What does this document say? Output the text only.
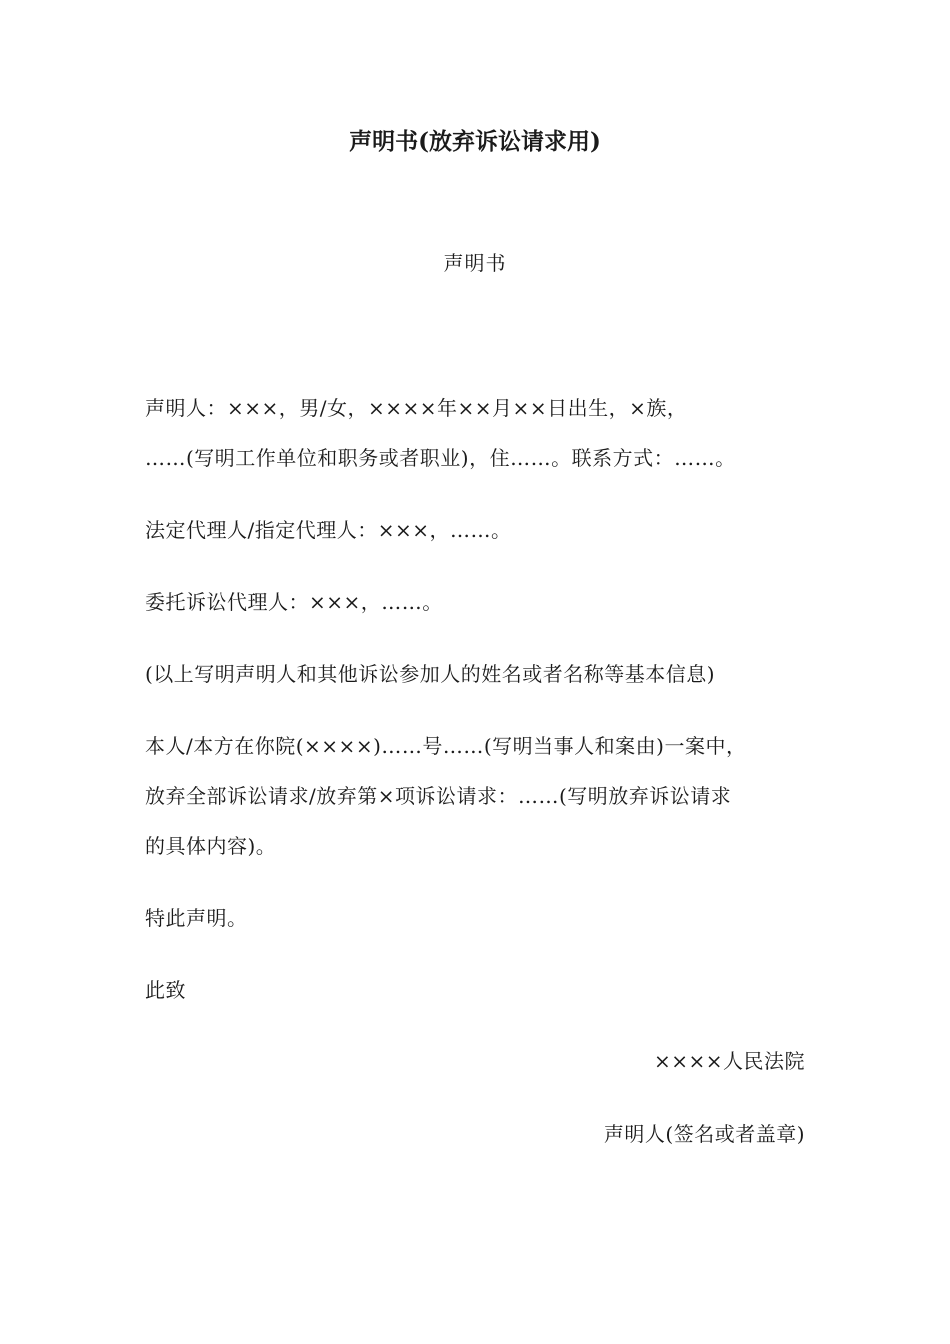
声明书(放弃诉讼请求用)
声明书
声明人：×××，男/女，××××年××月××日出生，×族，
……(写明工作单位和职务或者职业)，住……。联系方式：……。
法定代理人/指定代理人：×××，……。
委托诉讼代理人：×××，……。
(以上写明声明人和其他诉讼参加人的姓名或者名称等基本信息)
本人/本方在你院(××××)……号……(写明当事人和案由)一案中，
放弃全部诉讼请求/放弃第×项诉讼请求：……(写明放弃诉讼请求
的具体内容)。
特此声明。
此致
××××人民法院
声明人(签名或者盖章)
